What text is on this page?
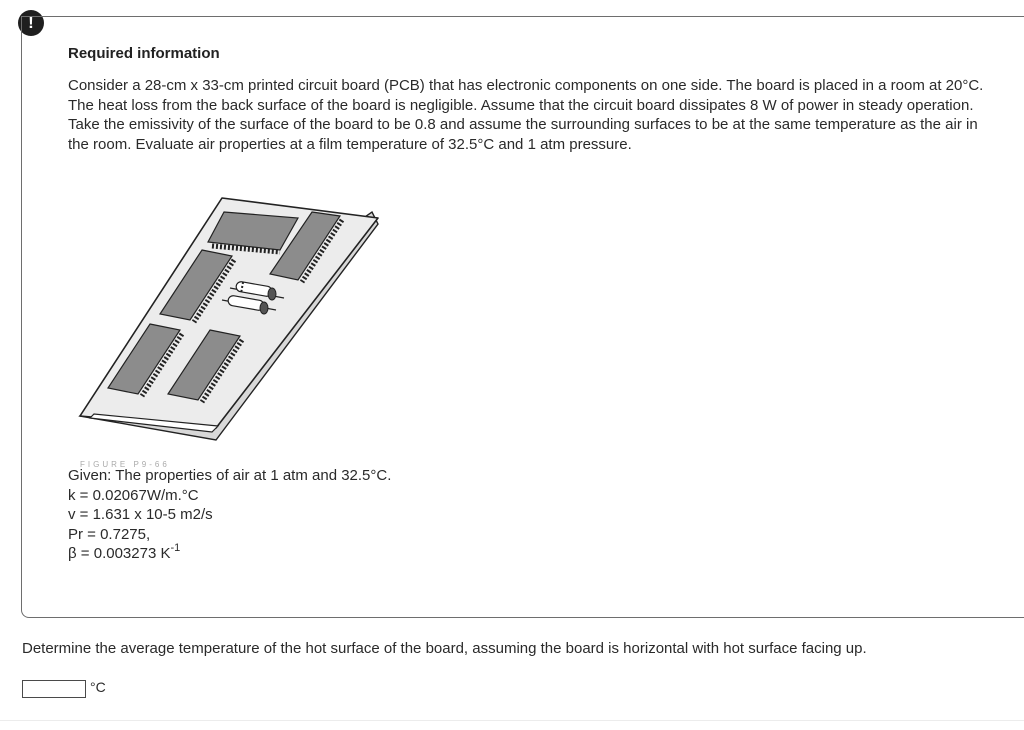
!
Required information
Consider a 28-cm x 33-cm printed circuit board (PCB) that has electronic components on one side. The board is placed in a room at 20°C. The heat loss from the back surface of the board is negligible. Assume that the circuit board dissipates 8 W of power in steady operation. Take the emissivity of the surface of the board to be 0.8 and assume the surrounding surfaces to be at the same temperature as the air in the room. Evaluate air properties at a film temperature of 32.5°C and 1 atm pressure.
FIGURE P9-66
Given: The properties of air at 1 atm and 32.5°C.
k = 0.02067W/m.°C
v = 1.631 x 10-5 m2/s
Pr = 0.7275,
β = 0.003273 $K^{-1}$
Determine the average temperature of the hot surface of the board, assuming the board is horizontal with hot surface facing up.
°C
